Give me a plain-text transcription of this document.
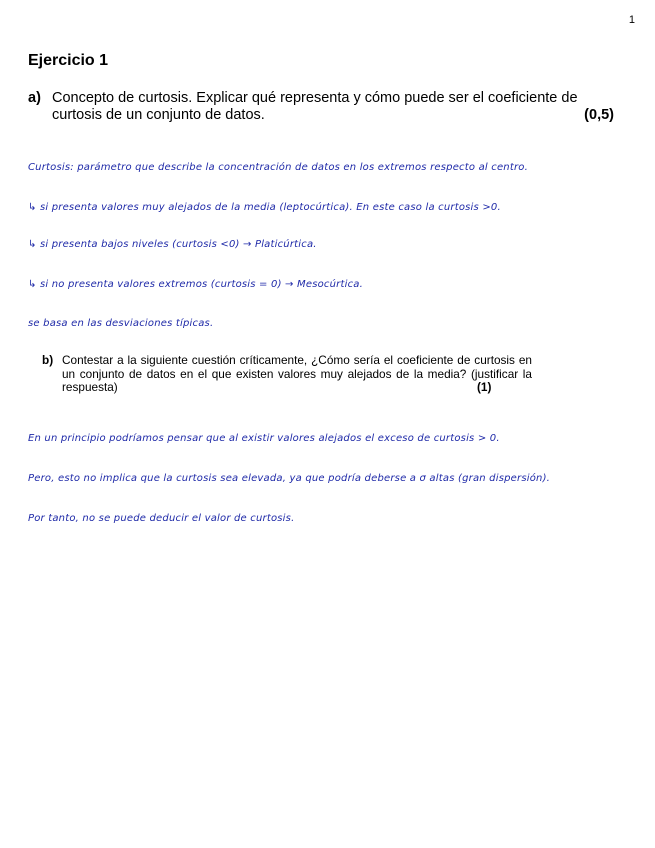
1
Ejercicio 1
a) Concepto de curtosis. Explicar qué representa y cómo puede ser el coeficiente de curtosis de un conjunto de datos.	(0,5)
Curtosis: parámetro que describe la concentración de datos en los extremos respecto al centro.
↳ si presenta valores muy alejados de la media (leptocúrtica). En este caso la curtosis >0.
↳ si presenta bajos niveles (curtosis <0) → Platicúrtica.
↳ si no presenta valores extremos (curtosis = 0) → Mesocúrtica.
se basa en las desviaciones típicas.
b) Contestar a la siguiente cuestión críticamente, ¿Cómo sería el coeficiente de curtosis en un conjunto de datos en el que existen valores muy alejados de la media? (justificar la respuesta)	(1)
En un principio podríamos pensar que al existir valores alejados el exceso de curtosis > 0.
Pero, esto no implica que la curtosis sea elevada, ya que podría deberse a σ altas (gran dispersión).
Por tanto, no se puede deducir el valor de curtosis.
